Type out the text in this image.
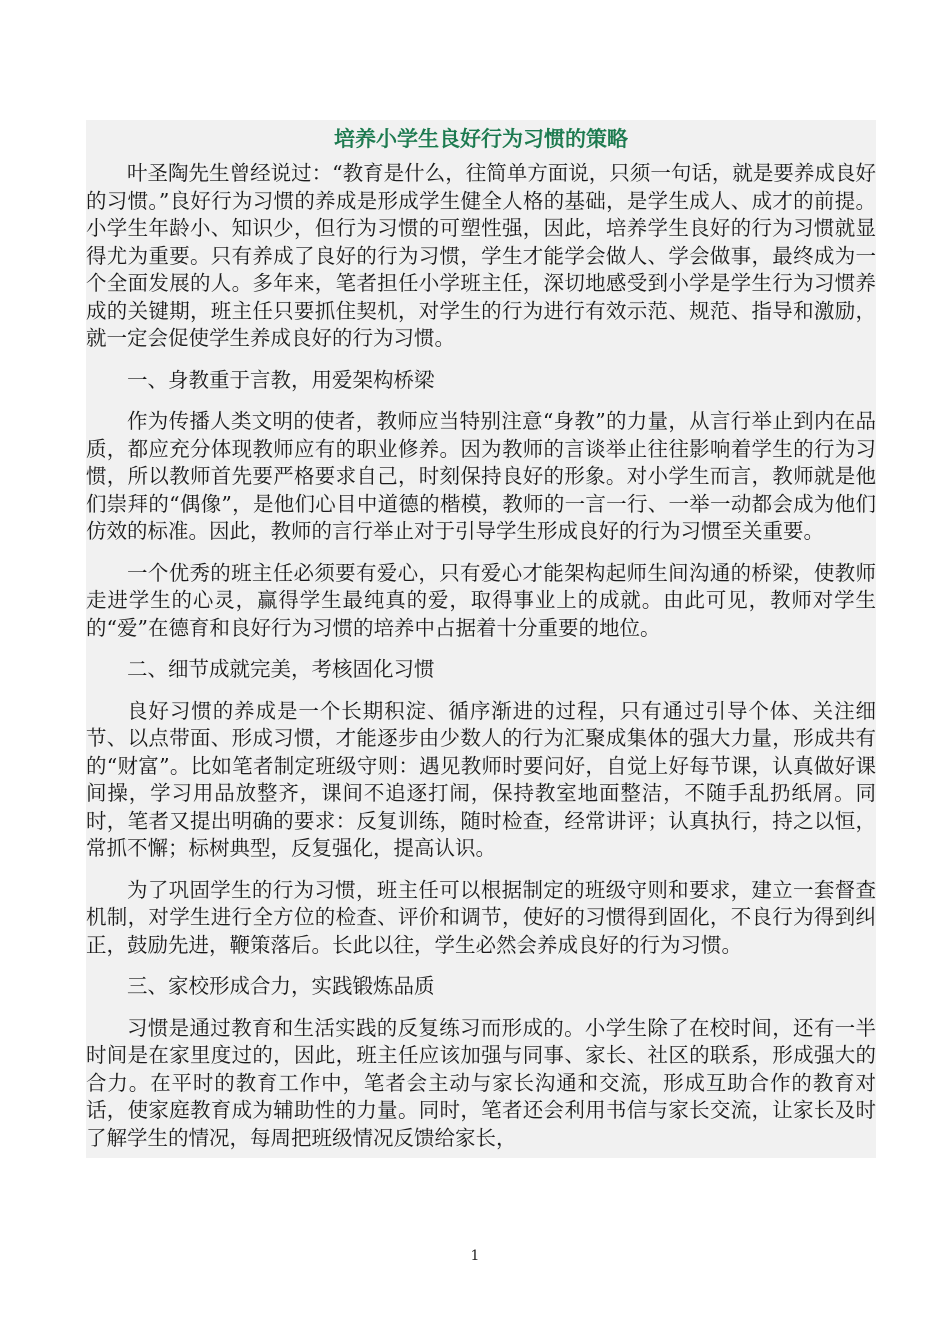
培养小学生良好行为习惯的策略

叶圣陶先生曾经说过：“教育是什么，往简单方面说，只须一句话，就是要养成良好的习惯。”良好行为习惯的养成是形成学生健全人格的基础，是学生成人、成才的前提。小学生年龄小、知识少，但行为习惯的可塑性强，因此，培养学生良好的行为习惯就显得尤为重要。只有养成了良好的行为习惯，学生才能学会做人、学会做事，最终成为一个全面发展的人。多年来，笔者担任小学班主任，深切地感受到小学是学生行为习惯养成的关键期，班主任只要抓住契机，对学生的行为进行有效示范、规范、指导和激励，就一定会促使学生养成良好的行为习惯。

一、身教重于言教，用爱架构桥梁

作为传播人类文明的使者，教师应当特别注意“身教”的力量，从言行举止到内在品质，都应充分体现教师应有的职业修养。因为教师的言谈举止往往影响着学生的行为习惯，所以教师首先要严格要求自己，时刻保持良好的形象。对小学生而言，教师就是他们崇拜的“偶像”，是他们心目中道德的楷模，教师的一言一行、一举一动都会成为他们仿效的标准。因此，教师的言行举止对于引导学生形成良好的行为习惯至关重要。

一个优秀的班主任必须要有爱心，只有爱心才能架构起师生间沟通的桥梁，使教师走进学生的心灵，赢得学生最纯真的爱，取得事业上的成就。由此可见，教师对学生的“爱”在德育和良好行为习惯的培养中占据着十分重要的地位。

二、细节成就完美，考核固化习惯

良好习惯的养成是一个长期积淀、循序渐进的过程，只有通过引导个体、关注细节、以点带面、形成习惯，才能逐步由少数人的行为汇聚成集体的强大力量，形成共有的“财富”。比如笔者制定班级守则：遇见教师时要问好，自觉上好每节课，认真做好课间操，学习用品放整齐，课间不追逐打闹，保持教室地面整洁，不随手乱扔纸屑。同时，笔者又提出明确的要求：反复训练，随时检查，经常讲评；认真执行，持之以恒，常抓不懈；标树典型，反复强化，提高认识。

为了巩固学生的行为习惯，班主任可以根据制定的班级守则和要求，建立一套督查机制，对学生进行全方位的检查、评价和调节，使好的习惯得到固化，不良行为得到纠正，鼓励先进，鞭策落后。长此以往，学生必然会养成良好的行为习惯。

三、家校形成合力，实践锻炼品质

习惯是通过教育和生活实践的反复练习而形成的。小学生除了在校时间，还有一半时间是在家里度过的，因此，班主任应该加强与同事、家长、社区的联系，形成强大的合力。在平时的教育工作中，笔者会主动与家长沟通和交流，形成互助合作的教育对话，使家庭教育成为辅助性的力量。同时，笔者还会利用书信与家长交流，让家长及时了解学生的情况，每周把班级情况反馈给家长，

1
